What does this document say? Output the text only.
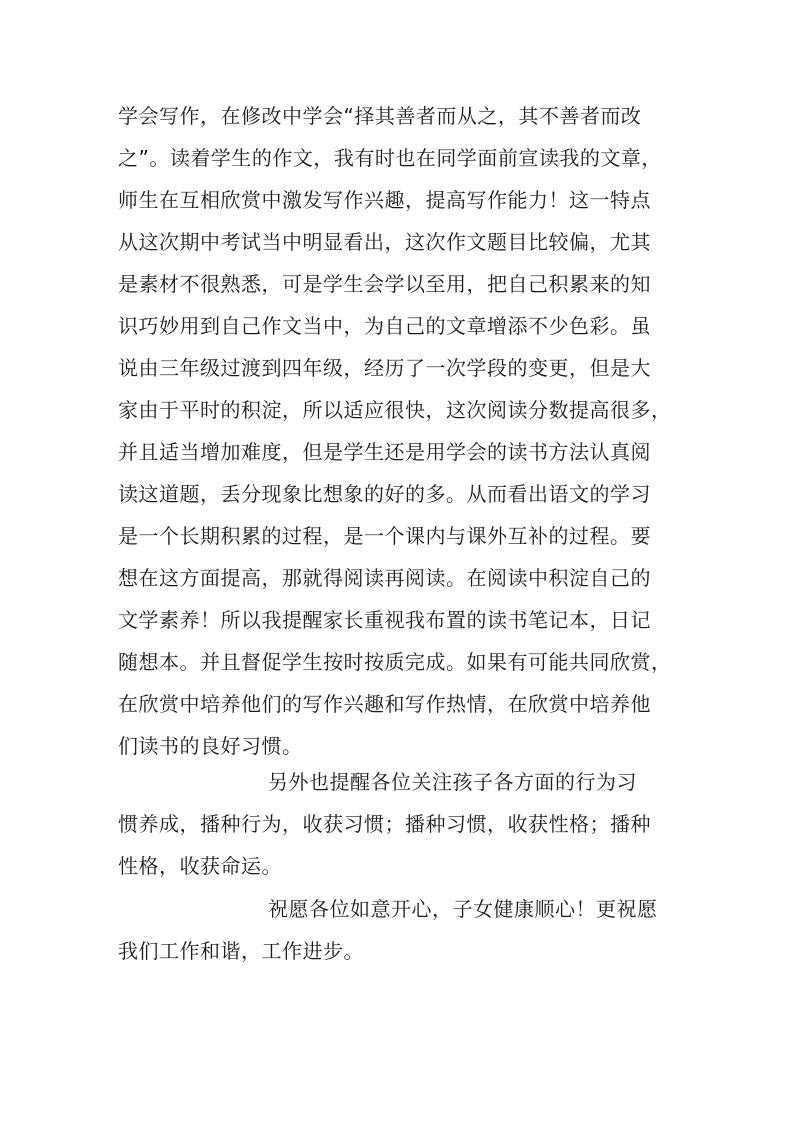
学会写作，在修改中学会“择其善者而从之，其不善者而改
之”。读着学生的作文，我有时也在同学面前宣读我的文章，
师生在互相欣赏中激发写作兴趣，提高写作能力！这一特点
从这次期中考试当中明显看出，这次作文题目比较偏，尤其
是素材不很熟悉，可是学生会学以至用，把自己积累来的知
识巧妙用到自己作文当中，为自己的文章增添不少色彩。虽
说由三年级过渡到四年级，经历了一次学段的变更，但是大
家由于平时的积淀，所以适应很快，这次阅读分数提高很多，
并且适当增加难度，但是学生还是用学会的读书方法认真阅
读这道题，丢分现象比想象的好的多。从而看出语文的学习
是一个长期积累的过程，是一个课内与课外互补的过程。要
想在这方面提高，那就得阅读再阅读。在阅读中积淀自己的
文学素养！所以我提醒家长重视我布置的读书笔记本，日记
随想本。并且督促学生按时按质完成。如果有可能共同欣赏，
在欣赏中培养他们的写作兴趣和写作热情，在欣赏中培养他
们读书的良好习惯。
另外也提醒各位关注孩子各方面的行为习
惯养成，播种行为，收获习惯；播种习惯，收获性格；播种
性格，收获命运。
祝愿各位如意开心，子女健康顺心！更祝愿
我们工作和谐，工作进步。
